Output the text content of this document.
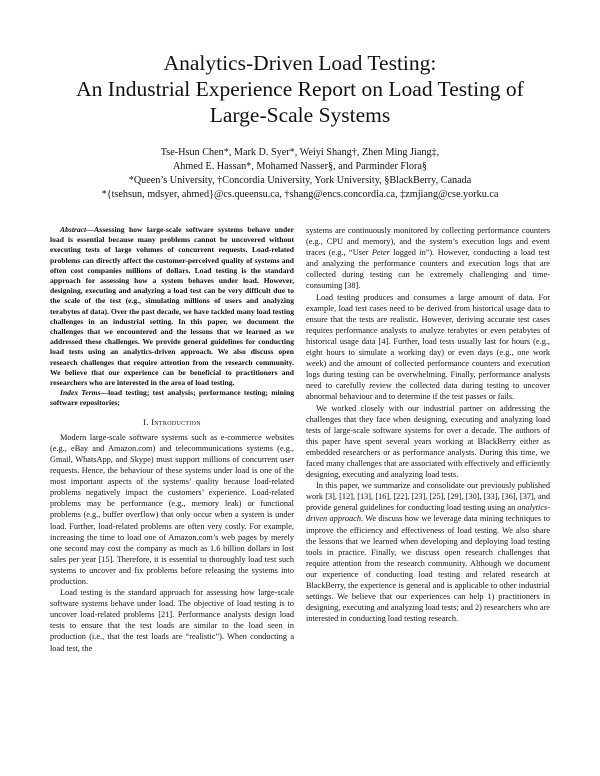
Analytics-Driven Load Testing:
An Industrial Experience Report on Load Testing of
Large-Scale Systems
Tse-Hsun Chen*, Mark D. Syer*, Weiyi Shang†, Zhen Ming Jiang‡,
Ahmed E. Hassan*, Mohamed Nasser§, and Parminder Flora§
*Queen’s University, †Concordia University, York University, §BlackBerry, Canada
*{tsehsun, mdsyer, ahmed}@cs.queensu.ca, †shang@encs.concordia.ca, ‡zmjiang@cse.yorku.ca

Abstract—Assessing how large-scale software systems behave under load is essential because many problems cannot be uncovered without executing tests of large volumes of concurrent requests. Load-related problems can directly affect the customer-perceived quality of systems and often cost companies millions of dollars. Load testing is the standard approach for assessing how a system behaves under load. However, designing, executing and analyzing a load test can be very difficult due to the scale of the test (e.g., simulating millions of users and analyzing terabytes of data). Over the past decade, we have tackled many load testing challenges in an industrial setting. In this paper, we document the challenges that we encountered and the lessons that we learned as we addressed these challenges. We provide general guidelines for conducting load tests using an analytics-driven approach. We also discuss open research challenges that require attention from the research community. We believe that our experience can be beneficial to practitioners and researchers who are interested in the area of load testing.

Index Terms—load testing; test analysis; performance testing; mining software repositories;

I. Introduction

Modern large-scale software systems such as e-commerce websites (e.g., eBay and Amazon.com) and telecommunications systems (e.g., Gmail, WhatsApp, and Skype) must support millions of concurrent user requests. Hence, the behaviour of these systems under load is one of the most important aspects of the systems’ quality because load-related problems negatively impact the customers’ experience. Load-related problems may be performance (e.g., memory leak) or functional problems (e.g., buffer overflow) that only occur when a system is under load. Further, load-related problems are often very costly. For example, increasing the time to load one of Amazon.com’s web pages by merely one second may cost the company as much as 1.6 billion dollars in lost sales per year [15]. Therefore, it is essential to thoroughly load test such systems to uncover and fix problems before releasing the systems into production.

Load testing is the standard approach for assessing how large-scale software systems behave under load. The objective of load testing is to uncover load-related problems [21]. Performance analysts design load tests to ensure that the test loads are similar to the load seen in production (i.e., that the test loads are “realistic”). When conducting a load test, the

systems are continuously monitored by collecting performance counters (e.g., CPU and memory), and the system’s execution logs and event traces (e.g., “User Peter logged in”). However, conducting a load test and analyzing the performance counters and execution logs that are collected during testing can be extremely challenging and time-consuming [38].

Load testing produces and consumes a large amount of data. For example, load test cases need to be derived from historical usage data to ensure that the tests are realistic. However, deriving accurate test cases requires performance analysts to analyze terabytes or even petabytes of historical usage data [4]. Further, load tests usually last for hours (e.g., eight hours to simulate a working day) or even days (e.g., one work week) and the amount of collected performance counters and execution logs during testing can be overwhelming. Finally, performance analysts need to carefully review the collected data during testing to uncover abnormal behaviour and to determine if the test passes or fails.

We worked closely with our industrial partner on addressing the challenges that they face when designing, executing and analyzing load tests of large-scale software systems for over a decade. The authors of this paper have spent several years working at BlackBerry either as embedded researchers or as performance analysts. During this time, we faced many challenges that are associated with effectively and efficiently designing, executing and analyzing load tests.

In this paper, we summarize and consolidate our previously published work [3], [12], [13], [16], [22], [23], [25], [29], [30], [33], [36], [37], and provide general guidelines for conducting load testing using an analytics-driven approach. We discuss how we leverage data mining techniques to improve the efficiency and effectiveness of load testing. We also share the lessons that we learned when developing and deploying load testing tools in practice. Finally, we discuss open research challenges that require attention from the research community. Although we document our experience of conducting load testing and related research at BlackBerry, the experience is general and is applicable to other industrial settings. We believe that our experiences can help 1) practitioners in designing, executing and analyzing load tests; and 2) researchers who are interested in conducting load testing research.
